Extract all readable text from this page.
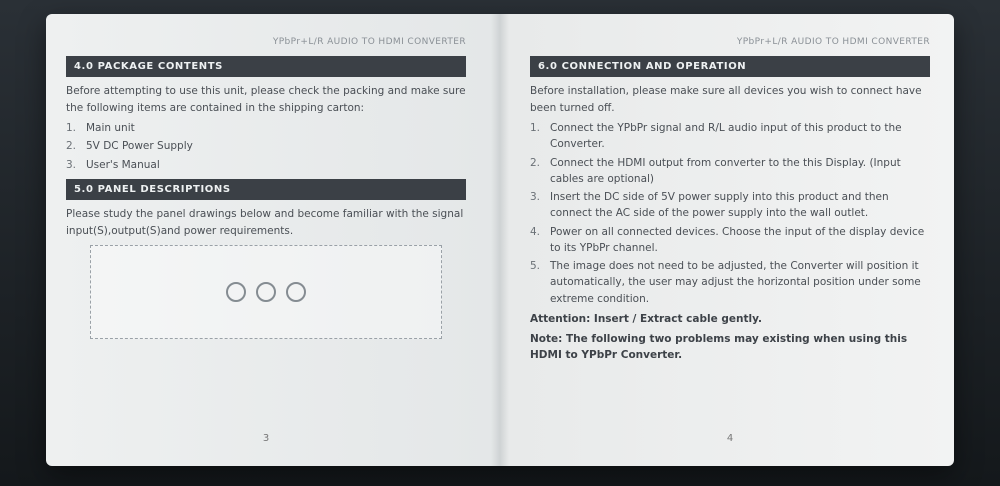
YPbPr+L/R AUDIO TO HDMI CONVERTER
4.0 PACKAGE CONTENTS
Before attempting to use this unit, please check the packing and make sure the following items are contained in the shipping carton:
1. Main unit
2. 5V DC Power Supply
3. User's Manual
5.0 PANEL DESCRIPTIONS
Please study the panel drawings below and become familiar with the signal input(S),output(S)and power requirements.
3
YPbPr+L/R AUDIO TO HDMI CONVERTER
6.0 CONNECTION AND OPERATION
Before installation, please make sure all devices you wish to connect have been turned off.
1. Connect the YPbPr signal and R/L audio input of this product to the Converter.
2. Connect the HDMI output from converter to the this Display. (Input cables are optional)
3. Insert the DC side of 5V power supply into this product and then connect the AC side of the power supply into the wall outlet.
4. Power on all connected devices. Choose the input of the display device to its YPbPr channel.
5. The image does not need to be adjusted, the Converter will position it automatically, the user may adjust the horizontal position under some extreme condition.
Attention: Insert / Extract cable gently.
Note: The following two problems may existing when using this HDMI to YPbPr Converter.
4
